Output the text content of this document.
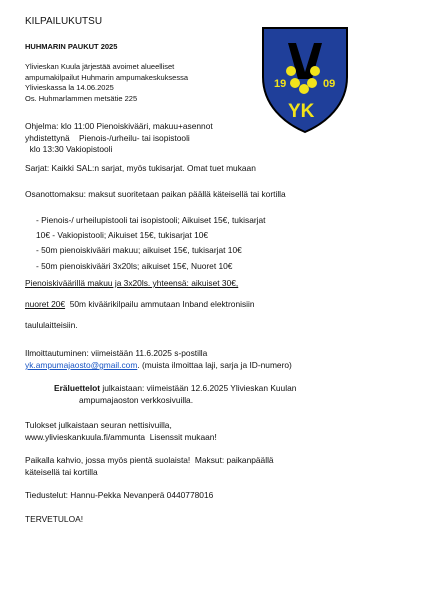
KILPAILUKUTSU
HUHMARIN PAUKUT 2025
Ylivieskan Kuula järjestää avoimet alueelliset
ampumakilpailut Huhmarin ampumakeskuksessa
Ylivieskassa la 14.06.2025
Os. Huhmarlammen metsätie 225
19	09
YK
Ohjelma: klo 11:00 Pienoiskivääri, makuu+asennot
yhdistettynä    Pienois-/urheilu- tai isopistooli
klo 13:30 Vakiopistooli
Sarjat: Kaikki SAL:n sarjat, myös tukisarjat. Omat tuet mukaan
Osanottomaksu: maksut suoritetaan paikan päällä käteisellä tai kortilla
- Pienois-/ urheilupistooli tai isopistooli; Aikuiset 15€, tukisarjat
10€ - Vakiopistooli; Aikuiset 15€, tukisarjat 10€
- 50m pienoiskivääri makuu; aikuiset 15€, tukisarjat 10€
- 50m pienoiskivääri 3x20ls; aikuiset 15€, Nuoret 10€
Pienoiskiväärillä makuu ja 3x20ls. yhteensä: aikuiset 30€,
nuoret 20€  50m kiväärikilpailu ammutaan Inband elektronisiin
taululaitteisiin.
Ilmoittautuminen: viimeistään 11.6.2025 s-postilla
yk.ampumajaosto@gmail.com. (muista ilmoittaa laji, sarja ja ID-numero)
Eräluettelot julkaistaan: viimeistään 12.6.2025 Ylivieskan Kuulan
ampumajaoston verkkosivuilla.
Tulokset julkaistaan seuran nettisivuilla,
www.ylivieskankuula.fi/ammunta  Lisenssit mukaan!
Paikalla kahvio, jossa myös pientä suolaista!  Maksut: paikanpäällä
käteisellä tai kortilla
Tiedustelut: Hannu-Pekka Nevanperä 0440778016
TERVETULOA!
